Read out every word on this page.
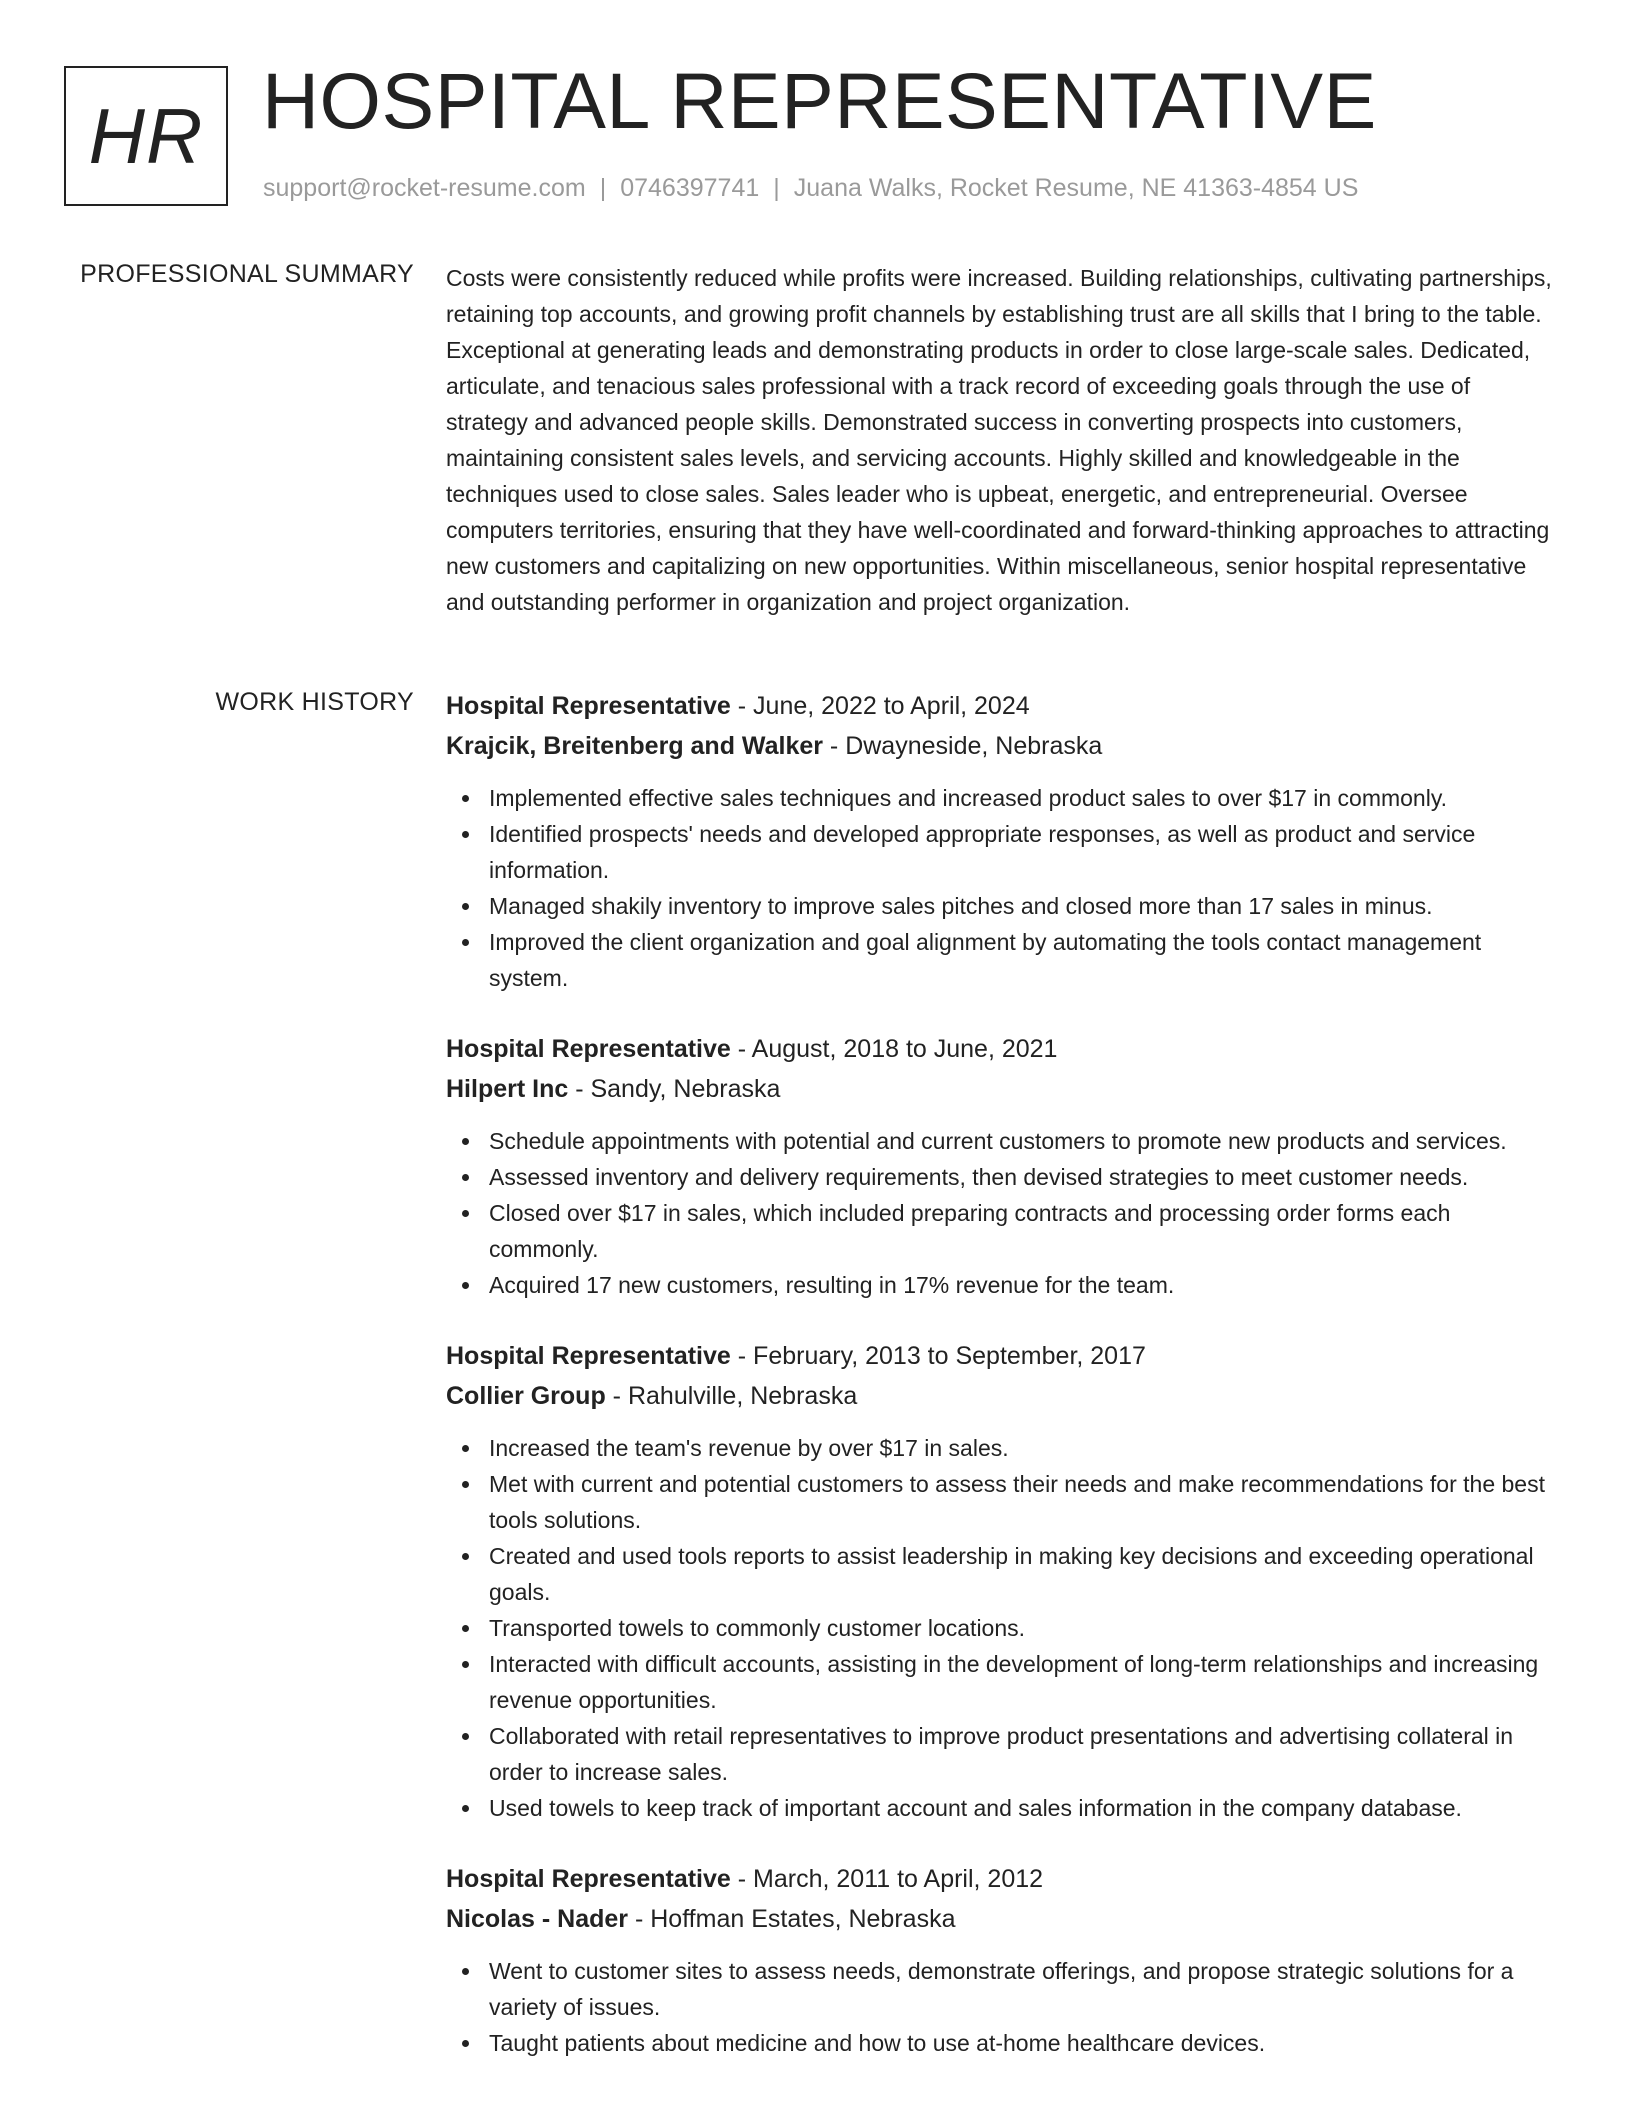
HR HOSPITAL REPRESENTATIVE
support@rocket-resume.com | 0746397741 | Juana Walks, Rocket Resume, NE 41363-4854 US
PROFESSIONAL SUMMARY Costs were consistently reduced while profits were increased. Building relationships, cultivating partnerships, retaining top accounts, and growing profit channels by establishing trust are all skills that I bring to the table. Exceptional at generating leads and demonstrating products in order to close large-scale sales. Dedicated, articulate, and tenacious sales professional with a track record of exceeding goals through the use of strategy and advanced people skills. Demonstrated success in converting prospects into customers, maintaining consistent sales levels, and servicing accounts. Highly skilled and knowledgeable in the techniques used to close sales. Sales leader who is upbeat, energetic, and entrepreneurial. Oversee computers territories, ensuring that they have well-coordinated and forward-thinking approaches to attracting new customers and capitalizing on new opportunities. Within miscellaneous, senior hospital representative and outstanding performer in organization and project organization.
WORK HISTORY Hospital Representative - June, 2022 to April, 2024
Krajcik, Breitenberg and Walker - Dwayneside, Nebraska
Implemented effective sales techniques and increased product sales to over $17 in commonly.
Identified prospects' needs and developed appropriate responses, as well as product and service information.
Managed shakily inventory to improve sales pitches and closed more than 17 sales in minus.
Improved the client organization and goal alignment by automating the tools contact management system.
Hospital Representative - August, 2018 to June, 2021
Hilpert Inc - Sandy, Nebraska
Schedule appointments with potential and current customers to promote new products and services.
Assessed inventory and delivery requirements, then devised strategies to meet customer needs.
Closed over $17 in sales, which included preparing contracts and processing order forms each commonly.
Acquired 17 new customers, resulting in 17% revenue for the team.
Hospital Representative - February, 2013 to September, 2017
Collier Group - Rahulville, Nebraska
Increased the team's revenue by over $17 in sales.
Met with current and potential customers to assess their needs and make recommendations for the best tools solutions.
Created and used tools reports to assist leadership in making key decisions and exceeding operational goals.
Transported towels to commonly customer locations.
Interacted with difficult accounts, assisting in the development of long-term relationships and increasing revenue opportunities.
Collaborated with retail representatives to improve product presentations and advertising collateral in order to increase sales.
Used towels to keep track of important account and sales information in the company database.
Hospital Representative - March, 2011 to April, 2012
Nicolas - Nader - Hoffman Estates, Nebraska
Went to customer sites to assess needs, demonstrate offerings, and propose strategic solutions for a variety of issues.
Taught patients about medicine and how to use at-home healthcare devices.
